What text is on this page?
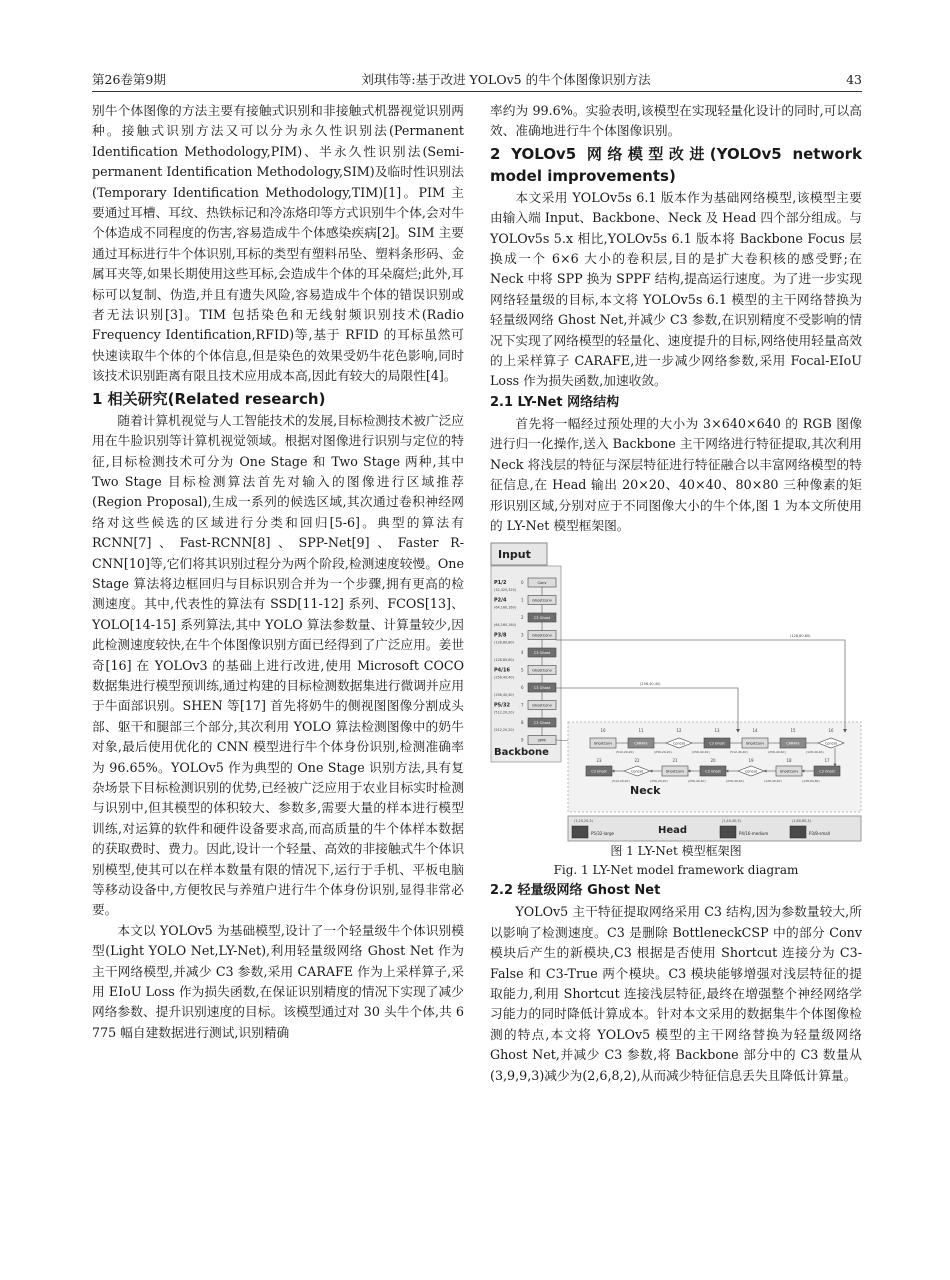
第26卷第9期	刘琪伟等:基于改进 YOLOv5 的牛个体图像识别方法	43

别牛个体图像的方法主要有接触式识别和非接触式机器视觉识别两种。接触式识别方法又可以分为永久性识别法(Permanent Identification Methodology,PIM)、半永久性识别法(Semi-permanent Identification Methodology,SIM)及临时性识别法(Temporary Identification Methodology,TIM)[1]。PIM 主要通过耳槽、耳纹、热铁标记和冷冻烙印等方式识别牛个体,会对牛个体造成不同程度的伤害,容易造成牛个体感染疾病[2]。SIM 主要通过耳标进行牛个体识别,耳标的类型有塑料吊坠、塑料条形码、金属耳夹等,如果长期使用这些耳标,会造成牛个体的耳朵腐烂;此外,耳标可以复制、伪造,并且有遗失风险,容易造成牛个体的错误识别或者无法识别[3]。TIM 包括染色和无线射频识别技术(Radio Frequency Identification,RFID)等,基于 RFID 的耳标虽然可快速读取牛个体的个体信息,但是染色的效果受奶牛花色影响,同时该技术识别距离有限且技术应用成本高,因此有较大的局限性[4]。

1 相关研究(Related research)

随着计算机视觉与人工智能技术的发展,目标检测技术被广泛应用在牛脸识别等计算机视觉领域。根据对图像进行识别与定位的特征,目标检测技术可分为 One Stage 和 Two Stage 两种,其中 Two Stage 目标检测算法首先对输入的图像进行区域推荐(Region Proposal),生成一系列的候选区域,其次通过卷积神经网络对这些候选的区域进行分类和回归[5-6]。典型的算法有 RCNN[7]、Fast-RCNN[8]、SPP-Net[9]、Faster R-CNN[10]等,它们将其识别过程分为两个阶段,检测速度较慢。One Stage 算法将边框回归与目标识别合并为一个步骤,拥有更高的检测速度。其中,代表性的算法有 SSD[11-12] 系列、FCOS[13]、YOLO[14-15] 系列算法,其中 YOLO 算法参数量、计算量较少,因此检测速度较快,在牛个体图像识别方面已经得到了广泛应用。姜世奇[16] 在 YOLOv3 的基础上进行改进,使用 Microsoft COCO 数据集进行模型预训练,通过构建的目标检测数据集进行微调并应用于牛面部识别。SHEN 等[17] 首先将奶牛的侧视图图像分割成头部、躯干和腿部三个部分,其次利用 YOLO 算法检测图像中的奶牛对象,最后使用优化的 CNN 模型进行牛个体身份识别,检测准确率为 96.65%。YOLOv5 作为典型的 One Stage 识别方法,具有复杂场景下目标检测识别的优势,已经被广泛应用于农业目标实时检测与识别中,但其模型的体积较大、参数多,需要大量的样本进行模型训练,对运算的软件和硬件设备要求高,而高质量的牛个体样本数据的获取费时、费力。因此,设计一个轻量、高效的非接触式牛个体识别模型,使其可以在样本数量有限的情况下,运行于手机、平板电脑等移动设备中,方便牧民与养殖户进行牛个体身份识别,显得非常必要。

本文以 YOLOv5 为基础模型,设计了一个轻量级牛个体识别模型(Light YOLO Net,LY-Net),利用轻量级网络 Ghost Net 作为主干网络模型,并减少 C3 参数,采用 CARAFE 作为上采样算子,采用 EIoU Loss 作为损失函数,在保证识别精度的情况下实现了减少网络参数、提升识别速度的目标。该模型通过对 30 头牛个体,共 6 775 幅自建数据进行测试,识别精确

率约为 99.6%。实验表明,该模型在实现轻量化设计的同时,可以高效、准确地进行牛个体图像识别。

2 YOLOv5 网络模型改进(YOLOv5 network model improvements)

本文采用 YOLOv5s 6.1 版本作为基础网络模型,该模型主要由输入端 Input、Backbone、Neck 及 Head 四个部分组成。与 YOLOv5s 5.x 相比,YOLOv5s 6.1 版本将 Backbone Focus 层换成一个 6×6 大小的卷积层,目的是扩大卷积核的感受野;在 Neck 中将 SPP 换为 SPPF 结构,提高运行速度。为了进一步实现网络轻量级的目标,本文将 YOLOv5s 6.1 模型的主干网络替换为轻量级网络 Ghost Net,并减少 C3 参数,在识别精度不受影响的情况下实现了网络模型的轻量化、速度提升的目标,网络使用轻量高效的上采样算子 CARAFE,进一步减少网络参数,采用 Focal-EIoU Loss 作为损失函数,加速收敛。

2.1 LY-Net 网络结构

首先将一幅经过预处理的大小为 3×640×640 的 RGB 图像进行归一化操作,送入 Backbone 主干网络进行特征提取,其次利用 Neck 将浅层的特征与深层特征进行特征融合以丰富网络模型的特征信息,在 Head 输出 20×20、40×40、80×80 三种像素的矩形识别区域,分别对应于不同图像大小的牛个体,图 1 为本文所使用的 LY-Net 模型框架图。

Input
Backbone
P1/2	0	Conv
(32,320,320)
P2/4	1 GhostConv
(64,160,160)
2	C3 Ghost
(64,160,160)
P3/8	3 GhostConv
(128,80,80)
4	C3 Ghost
(128,80,80)
P4/16	5 GhostConv
(256,40,40)
6	C3 Ghost
(256,40,40)
P5/32	7 GhostConv
(512,20,20)
8	C3 Ghost
(512,20,20)
9	SPPF
Neck
10
GhostConv
(512,20,20)
11
CARAFE
(256,20,20)
12
Concat
(256,40,40)
13
C3 Ghost
(512,40,40)
14
GhostConv
(256,40,40)
15
CARAFE
(128,40,40)
16
Concat
23
C3 Ghost
(512,20,20)
22
Concat
(256,20,20)
21
GhostConv
(256,40,40)
20
C3 Ghost
(256,40,40)
19
Concat
(128,40,40)
18
GhostConv
(128,80,80)
17
C3 Ghost
(128,80,80)
(256,40,40)
Head
P5/32-large
(1,20,20,3)
P4/16-medium
(1,40,40,3)
P3/8-small
(1,80,80,3)
图 1 LY-Net 模型框架图
Fig. 1 LY-Net model framework diagram
2.2 轻量级网络 Ghost Net

YOLOv5 主干特征提取网络采用 C3 结构,因为参数量较大,所以影响了检测速度。C3 是删除 BottleneckCSP 中的部分 Conv 模块后产生的新模块,C3 根据是否使用 Shortcut 连接分为 C3-False 和 C3-True 两个模块。C3 模块能够增强对浅层特征的提取能力,利用 Shortcut 连接浅层特征,最终在增强整个神经网络学习能力的同时降低计算成本。针对本文采用的数据集牛个体图像检测的特点,本文将 YOLOv5 模型的主干网络替换为轻量级网络 Ghost Net,并减少 C3 参数,将 Backbone 部分中的 C3 数量从(3,9,9,3)减少为(2,6,8,2),从而减少特征信息丢失且降低计算量。
